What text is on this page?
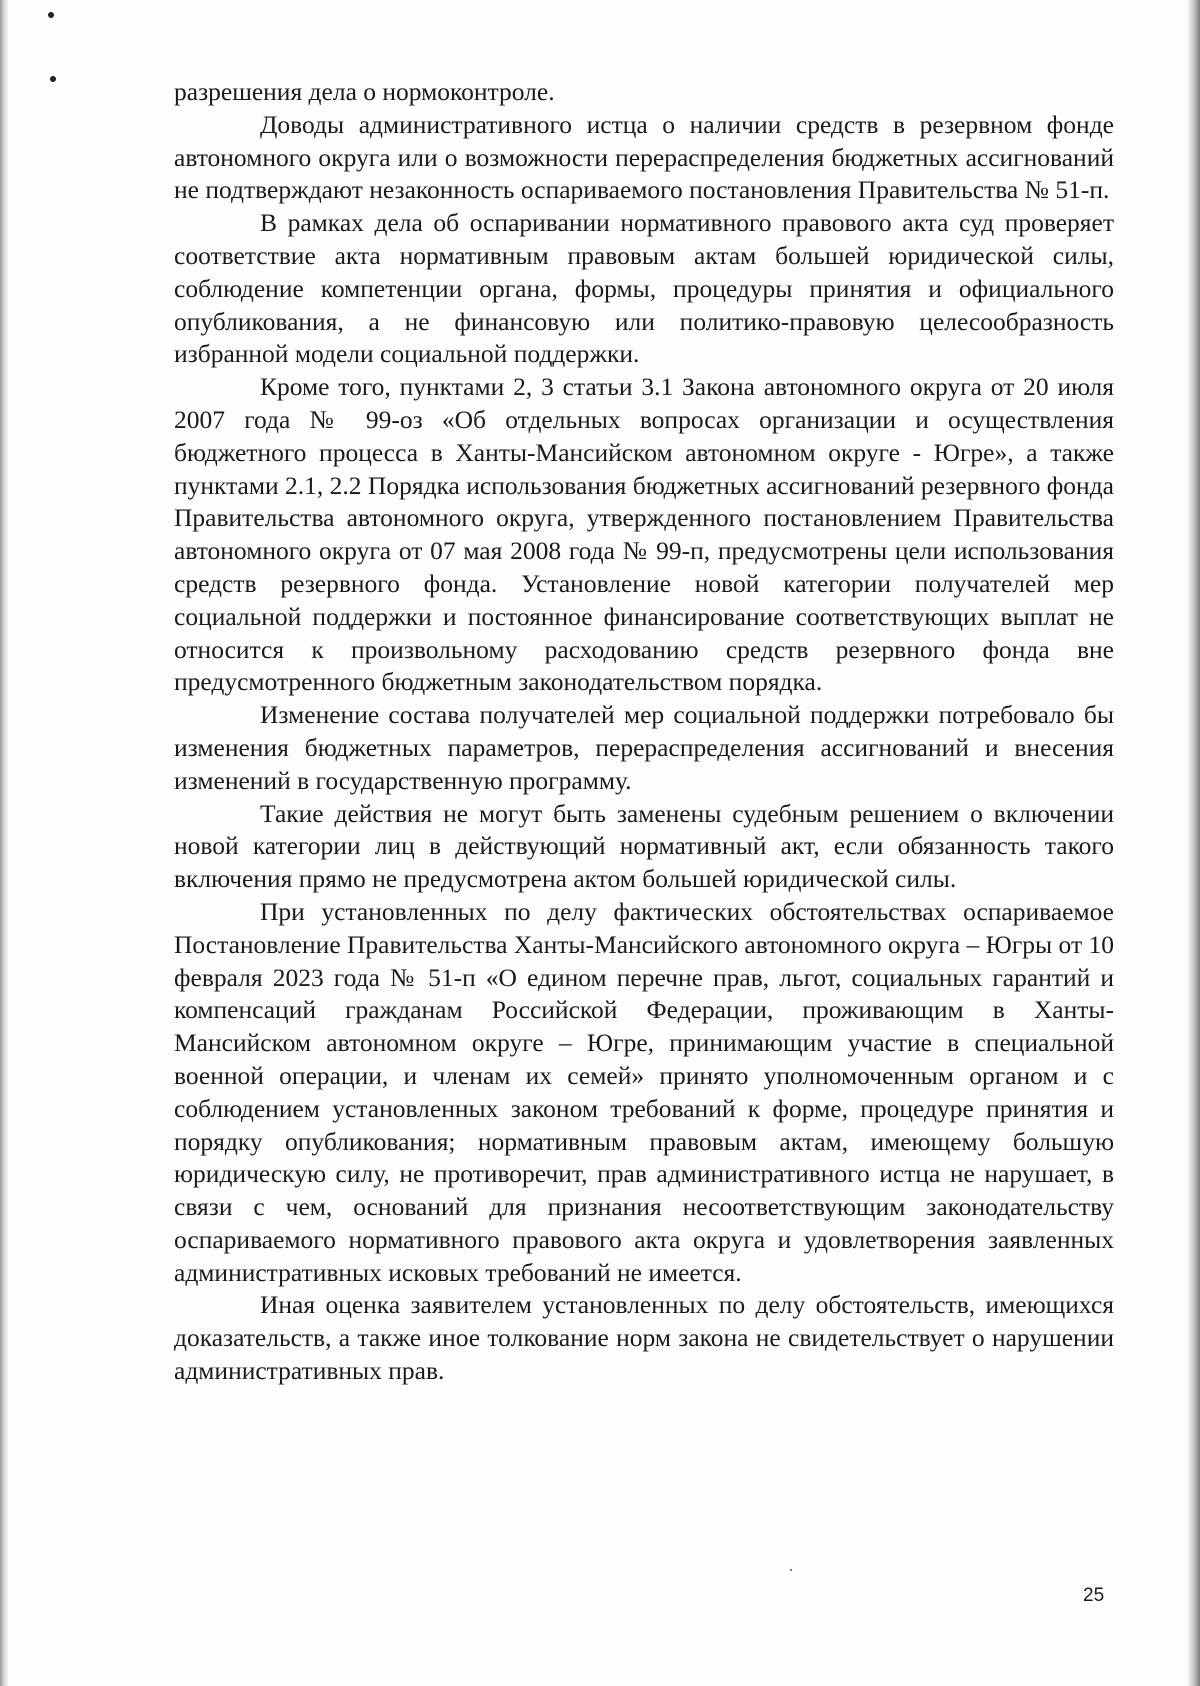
разрешения дела о нормоконтроле.

Доводы административного истца о наличии средств в резервном фонде автономного округа или о возможности перераспределения бюджетных ассигнований не подтверждают незаконность оспариваемого постановления Правительства № 51-п.

В рамках дела об оспаривании нормативного правового акта суд проверяет соответствие акта нормативным правовым актам большей юридической силы, соблюдение компетенции органа, формы, процедуры принятия и официального опубликования, а не финансовую или политико-правовую целесообразность избранной модели социальной поддержки.

Кроме того, пунктами 2, 3 статьи 3.1 Закона автономного округа от 20 июля 2007 года № 99-оз «Об отдельных вопросах организации и осуществления бюджетного процесса в Ханты-Мансийском автономном округе - Югре», а также пунктами 2.1, 2.2 Порядка использования бюджетных ассигнований резервного фонда Правительства автономного округа, утвержденного постановлением Правительства автономного округа от 07 мая 2008 года № 99-п, предусмотрены цели использования средств резервного фонда. Установление новой категории получателей мер социальной поддержки и постоянное финансирование соответствующих выплат не относится к произвольному расходованию средств резервного фонда вне предусмотренного бюджетным законодательством порядка.

Изменение состава получателей мер социальной поддержки потребовало бы изменения бюджетных параметров, перераспределения ассигнований и внесения изменений в государственную программу.

Такие действия не могут быть заменены судебным решением о включении новой категории лиц в действующий нормативный акт, если обязанность такого включения прямо не предусмотрена актом большей юридической силы.

При установленных по делу фактических обстоятельствах оспариваемое Постановление Правительства Ханты-Мансийского автономного округа – Югры от 10 февраля 2023 года № 51-п «О едином перечне прав, льгот, социальных гарантий и компенсаций гражданам Российской Федерации, проживающим в Ханты-Мансийском автономном округе – Югре, принимающим участие в специальной военной операции, и членам их семей» принято уполномоченным органом и с соблюдением установленных законом требований к форме, процедуре принятия и порядку опубликования; нормативным правовым актам, имеющему большую юридическую силу, не противоречит, прав административного истца не нарушает, в связи с чем, оснований для признания несоответствующим законодательству оспариваемого нормативного правового акта округа и удовлетворения заявленных административных исковых требований не имеется.

Иная оценка заявителем установленных по делу обстоятельств, имеющихся доказательств, а также иное толкование норм закона не свидетельствует о нарушении административных прав.

25
